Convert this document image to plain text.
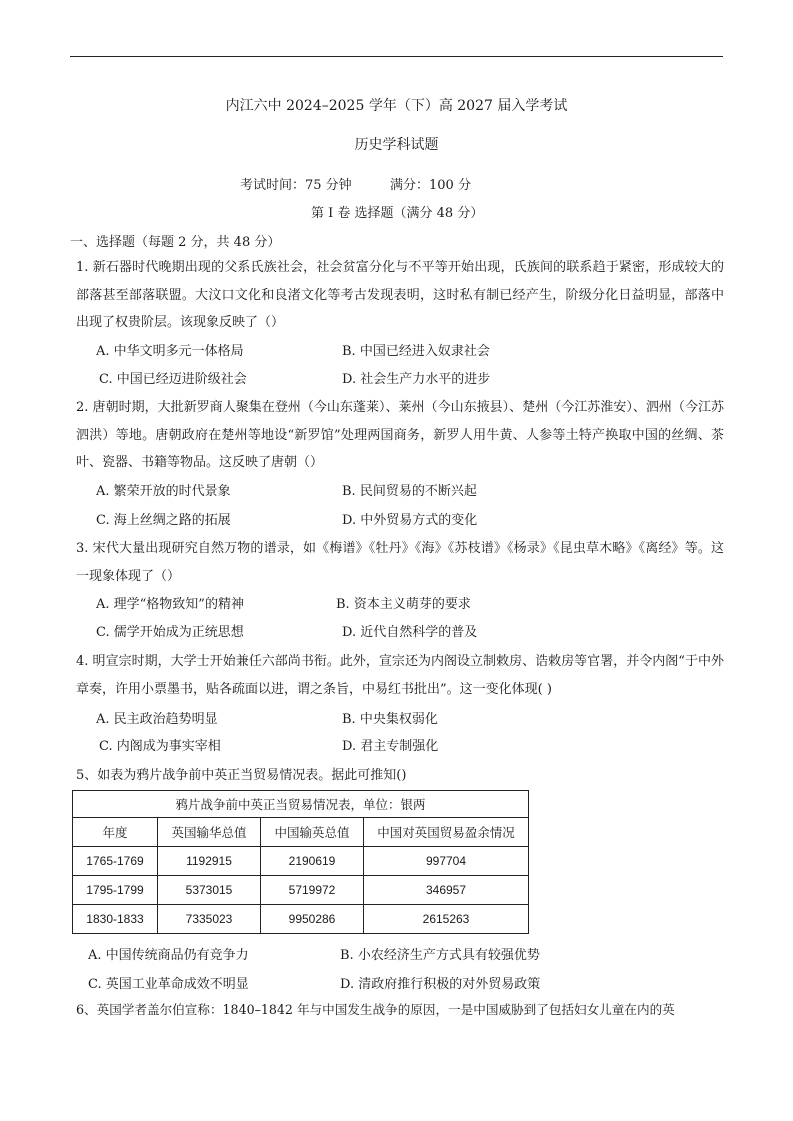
内江六中 2024–2025 学年（下）高 2027 届入学考试
历史学科试题
考试时间：75 分钟	满分：100 分
第 I 卷 选择题（满分 48 分）
一、选择题（每题 2 分，共 48 分）
1. 新石器时代晚期出现的父系氏族社会，社会贫富分化与不平等开始出现，氏族间的联系趋于紧密，形成较大的部落甚至部落联盟。大汶口文化和良渚文化等考古发现表明，这时私有制已经产生，阶级分化日益明显，部落中出现了权贵阶层。该现象反映了（）
A. 中华文明多元一体格局	B. 中国已经进入奴隶社会
C. 中国已经迈进阶级社会	D. 社会生产力水平的进步
2. 唐朝时期，大批新罗商人聚集在登州（今山东蓬莱）、莱州（今山东掖县）、楚州（今江苏淮安）、泗州（今江苏泗洪）等地。唐朝政府在楚州等地设“新罗馆”处理两国商务，新罗人用牛黄、人参等土特产换取中国的丝绸、茶叶、瓷器、书籍等物品。这反映了唐朝（）
A. 繁荣开放的时代景象	B. 民间贸易的不断兴起
C. 海上丝绸之路的拓展	D. 中外贸易方式的变化
3. 宋代大量出现研究自然万物的谱录，如《梅谱》《牡丹》《海》《苏枝谱》《杨录》《昆虫草木略》《离经》等。这一现象体现了（）
A. 理学“格物致知”的精神	B. 资本主义萌芽的要求
C. 儒学开始成为正统思想	D. 近代自然科学的普及
4. 明宣宗时期，大学士开始兼任六部尚书衔。此外，宣宗还为内阁设立制敕房、诰敕房等官署，并令内阁“于中外章奏，许用小票墨书，贴各疏面以进，谓之条旨，中易红书批出”。这一变化体现( )
A. 民主政治趋势明显	B. 中央集权弱化
C. 内阁成为事实宰相	D. 君主专制强化
5、如表为鸦片战争前中英正当贸易情况表。据此可推知()
鸦片战争前中英正当贸易情况表，单位：银两			
年度	英国输华总值	中国输英总值	中国对英国贸易盈余情况
1765-1769	1192915	2190619	997704
1795-1799	5373015	5719972	346957
1830-1833	7335023	9950286	2615263
A. 中国传统商品仍有竞争力	B. 小农经济生产方式具有较强优势
C. 英国工业革命成效不明显	D. 清政府推行积极的对外贸易政策
6、英国学者盖尔伯宣称：1840–1842 年与中国发生战争的原因，一是中国威胁到了包括妇女儿童在内的英
